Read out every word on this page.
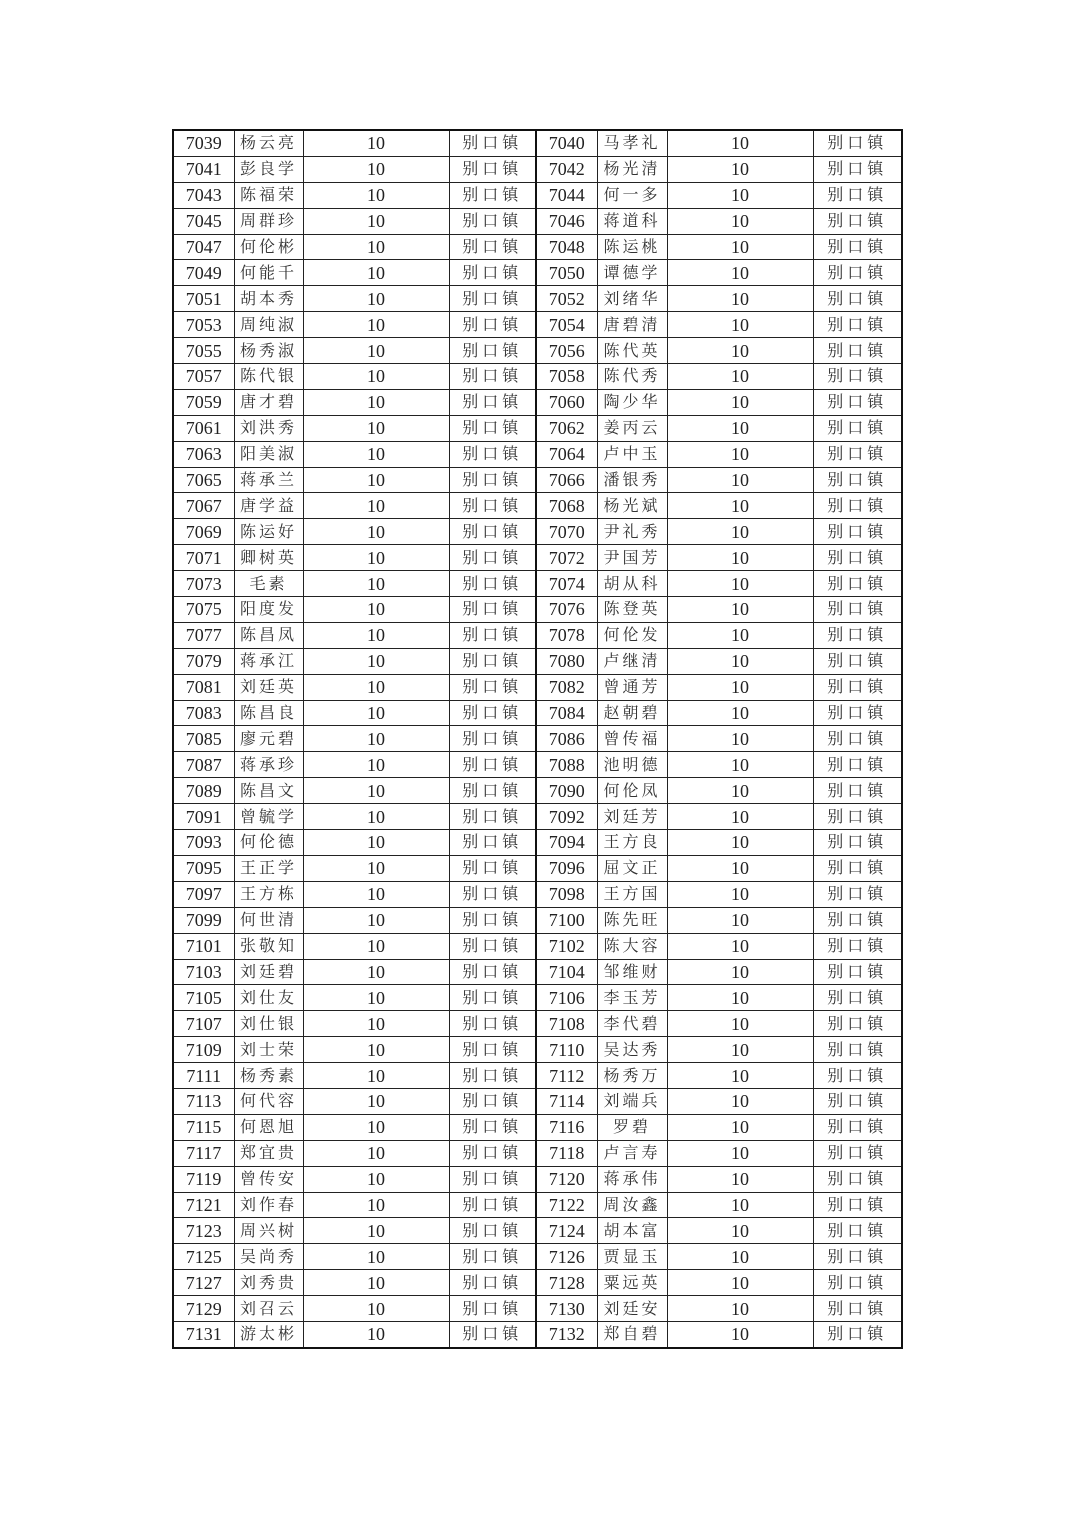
7039	杨云亮	10	别口镇	7040	马孝礼	10	别口镇
7041	彭良学	10	别口镇	7042	杨光清	10	别口镇
7043	陈福荣	10	别口镇	7044	何一多	10	别口镇
7045	周群珍	10	别口镇	7046	蒋道科	10	别口镇
7047	何伦彬	10	别口镇	7048	陈运桃	10	别口镇
7049	何能千	10	别口镇	7050	谭德学	10	别口镇
7051	胡本秀	10	别口镇	7052	刘绪华	10	别口镇
7053	周纯淑	10	别口镇	7054	唐碧清	10	别口镇
7055	杨秀淑	10	别口镇	7056	陈代英	10	别口镇
7057	陈代银	10	别口镇	7058	陈代秀	10	别口镇
7059	唐才碧	10	别口镇	7060	陶少华	10	别口镇
7061	刘洪秀	10	别口镇	7062	姜丙云	10	别口镇
7063	阳美淑	10	别口镇	7064	卢中玉	10	别口镇
7065	蒋承兰	10	别口镇	7066	潘银秀	10	别口镇
7067	唐学益	10	别口镇	7068	杨光斌	10	别口镇
7069	陈运好	10	别口镇	7070	尹礼秀	10	别口镇
7071	卿树英	10	别口镇	7072	尹国芳	10	别口镇
7073	毛素	10	别口镇	7074	胡从科	10	别口镇
7075	阳度发	10	别口镇	7076	陈登英	10	别口镇
7077	陈昌凤	10	别口镇	7078	何伦发	10	别口镇
7079	蒋承江	10	别口镇	7080	卢继清	10	别口镇
7081	刘廷英	10	别口镇	7082	曾通芳	10	别口镇
7083	陈昌良	10	别口镇	7084	赵朝碧	10	别口镇
7085	廖元碧	10	别口镇	7086	曾传福	10	别口镇
7087	蒋承珍	10	别口镇	7088	池明德	10	别口镇
7089	陈昌文	10	别口镇	7090	何伦凤	10	别口镇
7091	曾毓学	10	别口镇	7092	刘廷芳	10	别口镇
7093	何伦德	10	别口镇	7094	王方良	10	别口镇
7095	王正学	10	别口镇	7096	屈文正	10	别口镇
7097	王方栋	10	别口镇	7098	王方国	10	别口镇
7099	何世清	10	别口镇	7100	陈先旺	10	别口镇
7101	张敬知	10	别口镇	7102	陈大容	10	别口镇
7103	刘廷碧	10	别口镇	7104	邹维财	10	别口镇
7105	刘仕友	10	别口镇	7106	李玉芳	10	别口镇
7107	刘仕银	10	别口镇	7108	李代碧	10	别口镇
7109	刘士荣	10	别口镇	7110	吴达秀	10	别口镇
7111	杨秀素	10	别口镇	7112	杨秀万	10	别口镇
7113	何代容	10	别口镇	7114	刘端兵	10	别口镇
7115	何恩旭	10	别口镇	7116	罗碧	10	别口镇
7117	郑宜贵	10	别口镇	7118	卢言寿	10	别口镇
7119	曾传安	10	别口镇	7120	蒋承伟	10	别口镇
7121	刘作春	10	别口镇	7122	周汝鑫	10	别口镇
7123	周兴树	10	别口镇	7124	胡本富	10	别口镇
7125	吴尚秀	10	别口镇	7126	贾显玉	10	别口镇
7127	刘秀贵	10	别口镇	7128	粟远英	10	别口镇
7129	刘召云	10	别口镇	7130	刘廷安	10	别口镇
7131	游太彬	10	别口镇	7132	郑自碧	10	别口镇
